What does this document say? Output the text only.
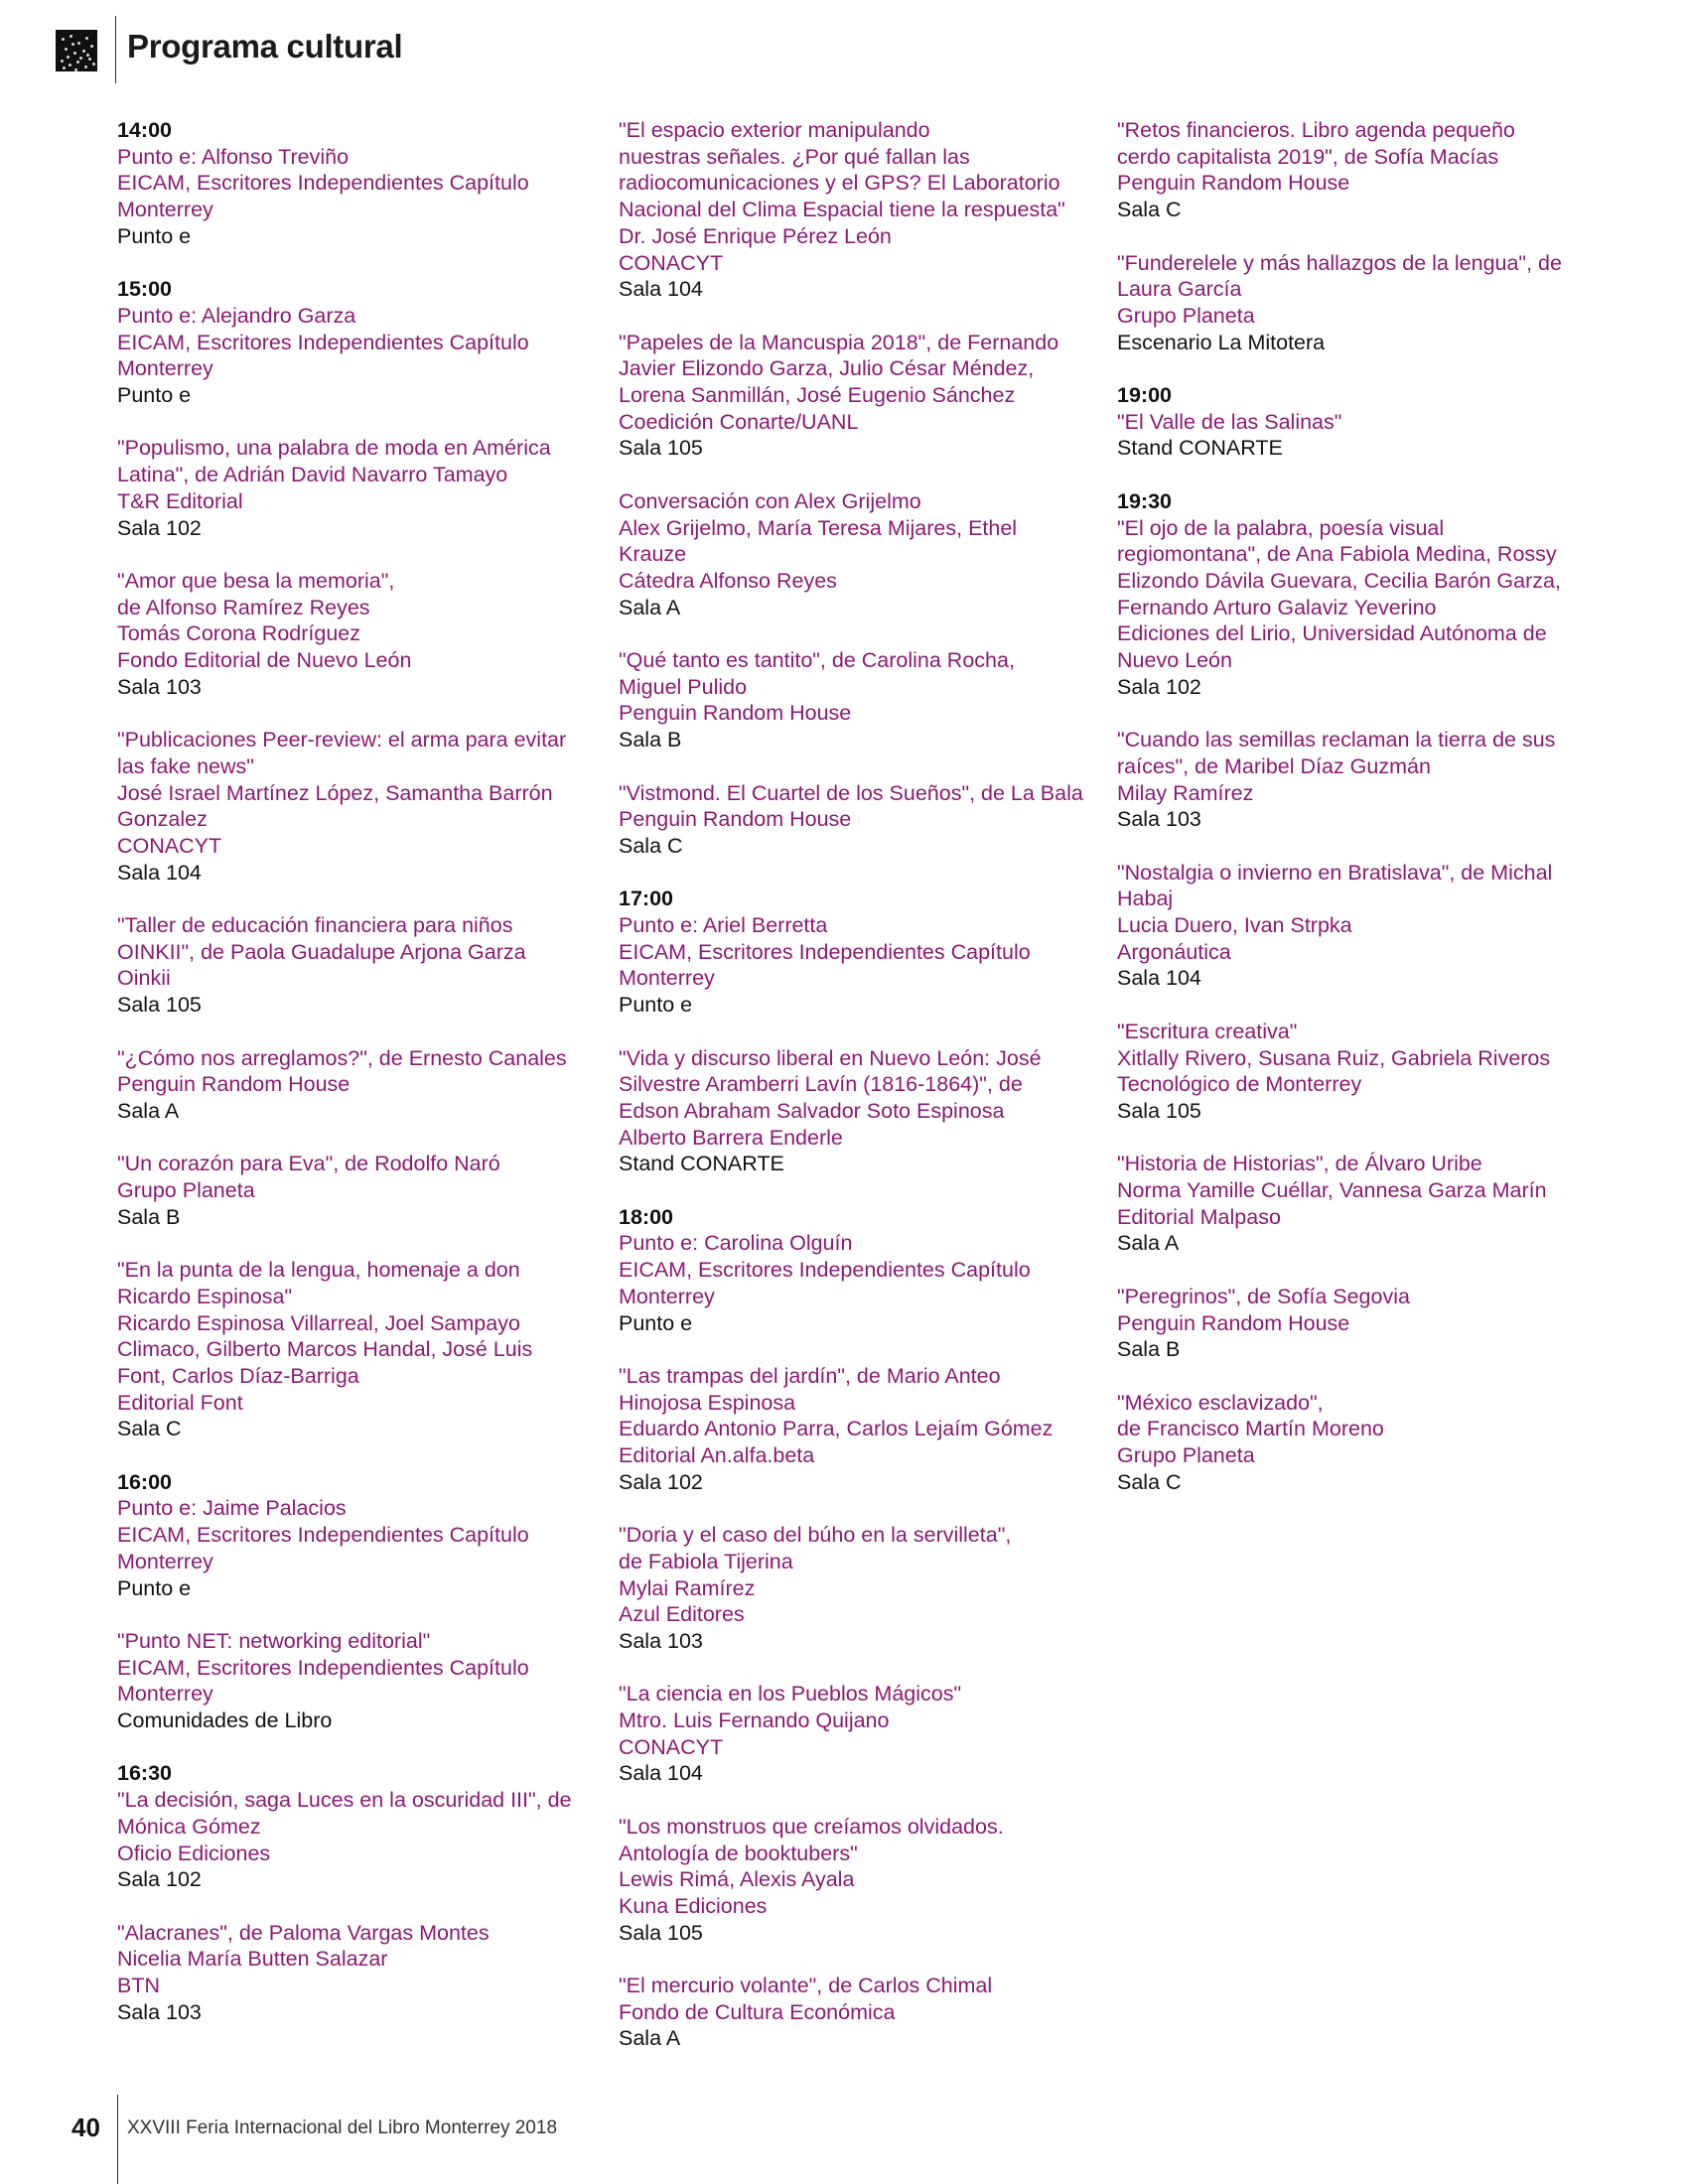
Programa cultural
14:00
Punto e: Alfonso Treviño
EICAM, Escritores Independientes Capítulo
Monterrey
Punto e
15:00
Punto e: Alejandro Garza
EICAM, Escritores Independientes Capítulo
Monterrey
Punto e
"Populismo, una palabra de moda en América
Latina", de Adrián David Navarro Tamayo
T&R Editorial
Sala 102
"Amor que besa la memoria",
de Alfonso Ramírez Reyes
Tomás Corona Rodríguez
Fondo Editorial de Nuevo León
Sala 103
"Publicaciones Peer-review: el arma para evitar
las fake news"
José Israel Martínez López, Samantha Barrón
Gonzalez
CONACYT
Sala 104
"Taller de educación financiera para niños
OINKII", de Paola Guadalupe Arjona Garza
Oinkii
Sala 105
"¿Cómo nos arreglamos?", de Ernesto Canales
Penguin Random House
Sala A
"Un corazón para Eva", de Rodolfo Naró
Grupo Planeta
Sala B
"En la punta de la lengua, homenaje a don
Ricardo Espinosa"
Ricardo Espinosa Villarreal, Joel Sampayo
Climaco, Gilberto Marcos Handal, José Luis
Font, Carlos Díaz-Barriga
Editorial Font
Sala C
16:00
Punto e: Jaime Palacios
EICAM, Escritores Independientes Capítulo
Monterrey
Punto e
"Punto NET: networking editorial"
EICAM, Escritores Independientes Capítulo
Monterrey
Comunidades de Libro
16:30
"La decisión, saga Luces en la oscuridad III", de
Mónica Gómez
Oficio Ediciones
Sala 102
"Alacranes", de Paloma Vargas Montes
Nicelia María Butten Salazar
BTN
Sala 103
"El espacio exterior manipulando
nuestras señales. ¿Por qué fallan las
radiocomunicaciones y el GPS? El Laboratorio
Nacional del Clima Espacial tiene la respuesta"
Dr. José Enrique Pérez León
CONACYT
Sala 104
"Papeles de la Mancuspia 2018", de Fernando
Javier Elizondo Garza, Julio César Méndez,
Lorena Sanmillán, José Eugenio Sánchez
Coedición Conarte/UANL
Sala 105
Conversación con Alex Grijelmo
Alex Grijelmo, María Teresa Mijares, Ethel
Krauze
Cátedra Alfonso Reyes
Sala A
"Qué tanto es tantito", de Carolina Rocha,
Miguel Pulido
Penguin Random House
Sala B
"Vistmond. El Cuartel de los Sueños", de La Bala
Penguin Random House
Sala C
17:00
Punto e: Ariel Berretta
EICAM, Escritores Independientes Capítulo
Monterrey
Punto e
"Vida y discurso liberal en Nuevo León: José
Silvestre Aramberri Lavín (1816-1864)", de
Edson Abraham Salvador Soto Espinosa
Alberto Barrera Enderle
Stand CONARTE
18:00
Punto e: Carolina Olguín
EICAM, Escritores Independientes Capítulo
Monterrey
Punto e
"Las trampas del jardín", de Mario Anteo
Hinojosa Espinosa
Eduardo Antonio Parra, Carlos Lejaím Gómez
Editorial An.alfa.beta
Sala 102
"Doria y el caso del búho en la servilleta",
de Fabiola Tijerina
Mylai Ramírez
Azul Editores
Sala 103
"La ciencia en los Pueblos Mágicos"
Mtro. Luis Fernando Quijano
CONACYT
Sala 104
"Los monstruos que creíamos olvidados.
Antología de booktubers"
Lewis Rimá, Alexis Ayala
Kuna Ediciones
Sala 105
"El mercurio volante", de Carlos Chimal
Fondo de Cultura Económica
Sala A
"Retos financieros. Libro agenda pequeño
cerdo capitalista 2019", de Sofía Macías
Penguin Random House
Sala C
"Funderelele y más hallazgos de la lengua", de
Laura García
Grupo Planeta
Escenario La Mitotera
19:00
"El Valle de las Salinas"
Stand CONARTE
19:30
"El ojo de la palabra, poesía visual
regiomontana", de Ana Fabiola Medina, Rossy
Elizondo Dávila Guevara, Cecilia Barón Garza,
Fernando Arturo Galaviz Yeverino
Ediciones del Lirio, Universidad Autónoma de
Nuevo León
Sala 102
"Cuando las semillas reclaman la tierra de sus
raíces", de Maribel Díaz Guzmán
Milay Ramírez
Sala 103
"Nostalgia o invierno en Bratislava", de Michal
Habaj
Lucia Duero, Ivan Strpka
Argonáutica
Sala 104
"Escritura creativa"
Xitlally Rivero, Susana Ruiz, Gabriela Riveros
Tecnológico de Monterrey
Sala 105
"Historia de Historias", de Álvaro Uribe
Norma Yamille Cuéllar, Vannesa Garza Marín
Editorial Malpaso
Sala A
"Peregrinos", de Sofía Segovia
Penguin Random House
Sala B
"México esclavizado",
de Francisco Martín Moreno
Grupo Planeta
Sala C
40 XXVIII Feria Internacional del Libro Monterrey 2018
